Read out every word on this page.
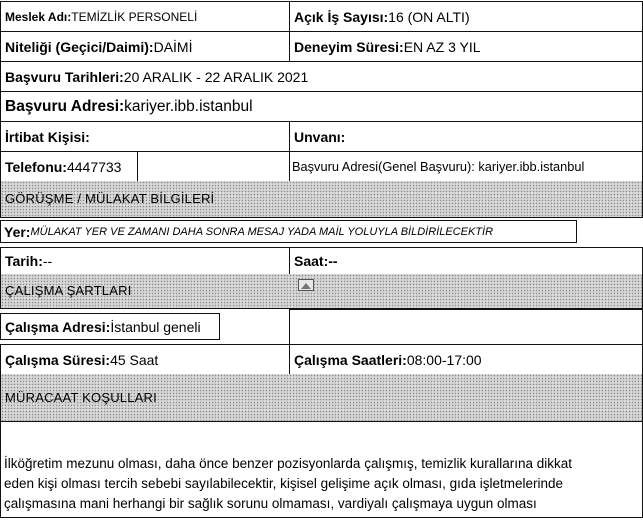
Meslek Adı: TEMİZLİK PERSONELİ	Açık İş Sayısı: 16 (ON ALTI)
Niteliği (Geçici/Daimi): DAİMİ	Deneyim Süresi: EN AZ 3 YIL
Başvuru Tarihleri: 20 ARALIK - 22 ARALIK 2021
Başvuru Adresi: kariyer.ibb.istanbul
İrtibat Kişisi:	Unvanı:
Telefonu: 4447733	Başvuru Adresi(Genel Başvuru): kariyer.ibb.istanbul
GÖRÜŞME / MÜLAKAT BİLGİLERİ
Yer: MÜLAKAT YER VE ZAMANI DAHA SONRA MESAJ YADA MAİL YOLUYLA BİLDİRİLECEKTİR
Tarih: --	Saat: --
ÇALIŞMA ŞARTLARI
Çalışma Adresi: İstanbul geneli
Çalışma Süresi: 45 Saat	Çalışma Saatleri: 08:00-17:00
MÜRACAAT KOŞULLARI
İlköğretim mezunu olması, daha önce benzer pozisyonlarda çalışmış, temizlik kurallarına dikkat
eden kişi olması tercih sebebi sayılabilecektir, kişisel gelişime açık olması, gıda işletmelerinde
çalışmasına mani herhangi bir sağlık sorunu olmaması, vardiyalı çalışmaya uygun olması
